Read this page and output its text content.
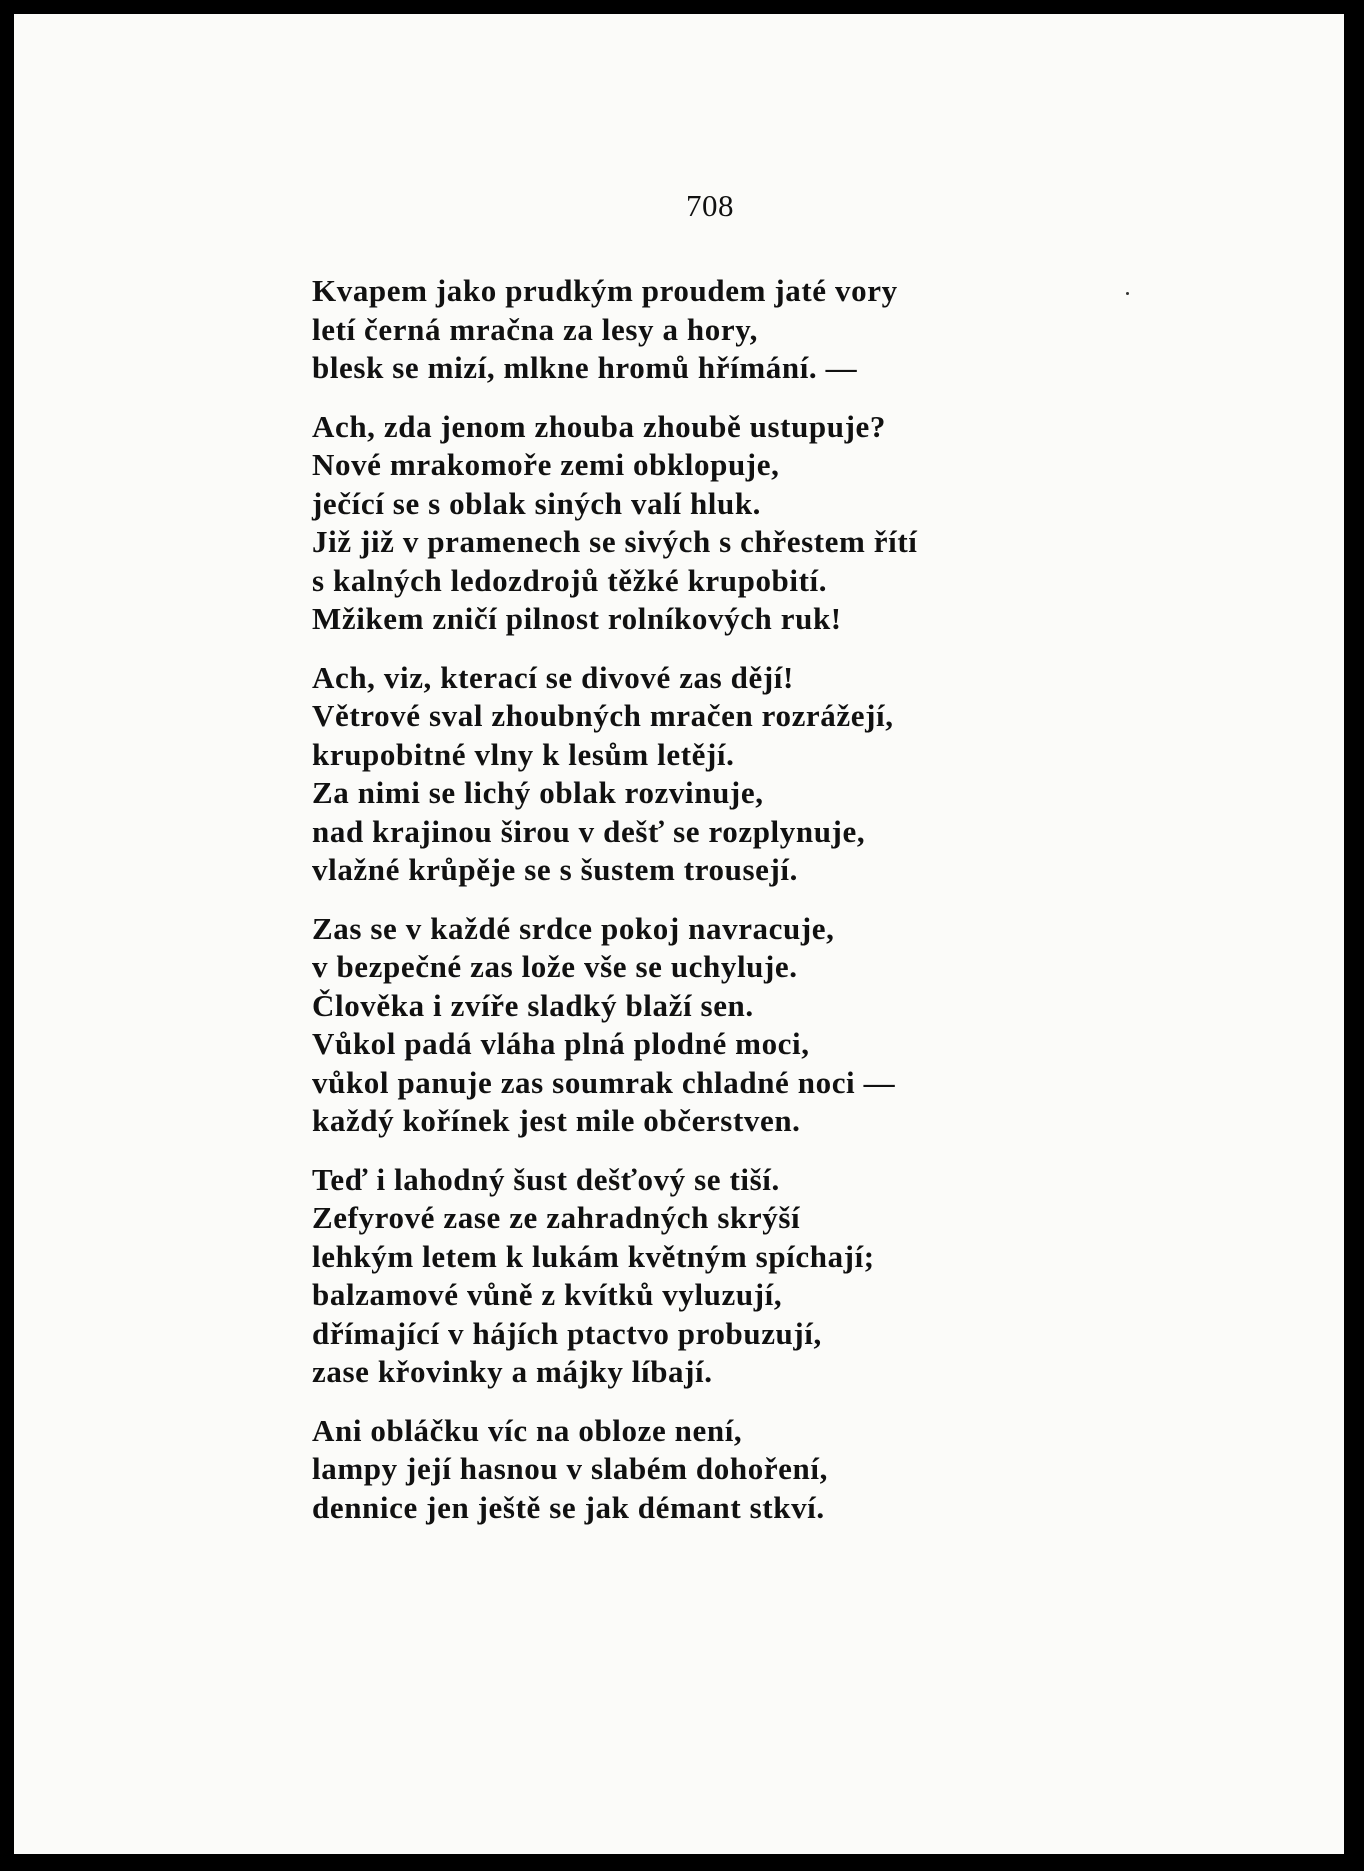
708
Kvapem jako prudkým proudem jaté vory
letí černá mračna za lesy a hory,
blesk se mizí, mlkne hromů hřímání. —
Ach, zda jenom zhouba zhoubě ustupuje?
Nové mrakomoře zemi obklopuje,
ječící se s oblak siných valí hluk.
Již již v pramenech se sivých s chřestem řítí
s kalných ledozdrojů těžké krupobití.
Mžikem zničí pilnost rolníkových ruk!
Ach, viz, kterací se divové zas dějí!
Větrové sval zhoubných mračen rozrážejí,
krupobitné vlny k lesům letějí.
Za nimi se lichý oblak rozvinuje,
nad krajinou širou v dešť se rozplynuje,
vlažné krůpěje se s šustem trousejí.
Zas se v každé srdce pokoj navracuje,
v bezpečné zas lože vše se uchyluje.
Člověka i zvíře sladký blaží sen.
Vůkol padá vláha plná plodné moci,
vůkol panuje zas soumrak chladné noci —
každý kořínek jest mile občerstven.
Teď i lahodný šust dešťový se tiší.
Zefyrové zase ze zahradných skrýší
lehkým letem k lukám květným spíchají;
balzamové vůně z kvítků vyluzují,
dřímající v hájích ptactvo probuzují,
zase křovinky a májky líbají.
Ani obláčku víc na obloze není,
lampy její hasnou v slabém dohoření,
dennice jen ještě se jak démant stkví.
